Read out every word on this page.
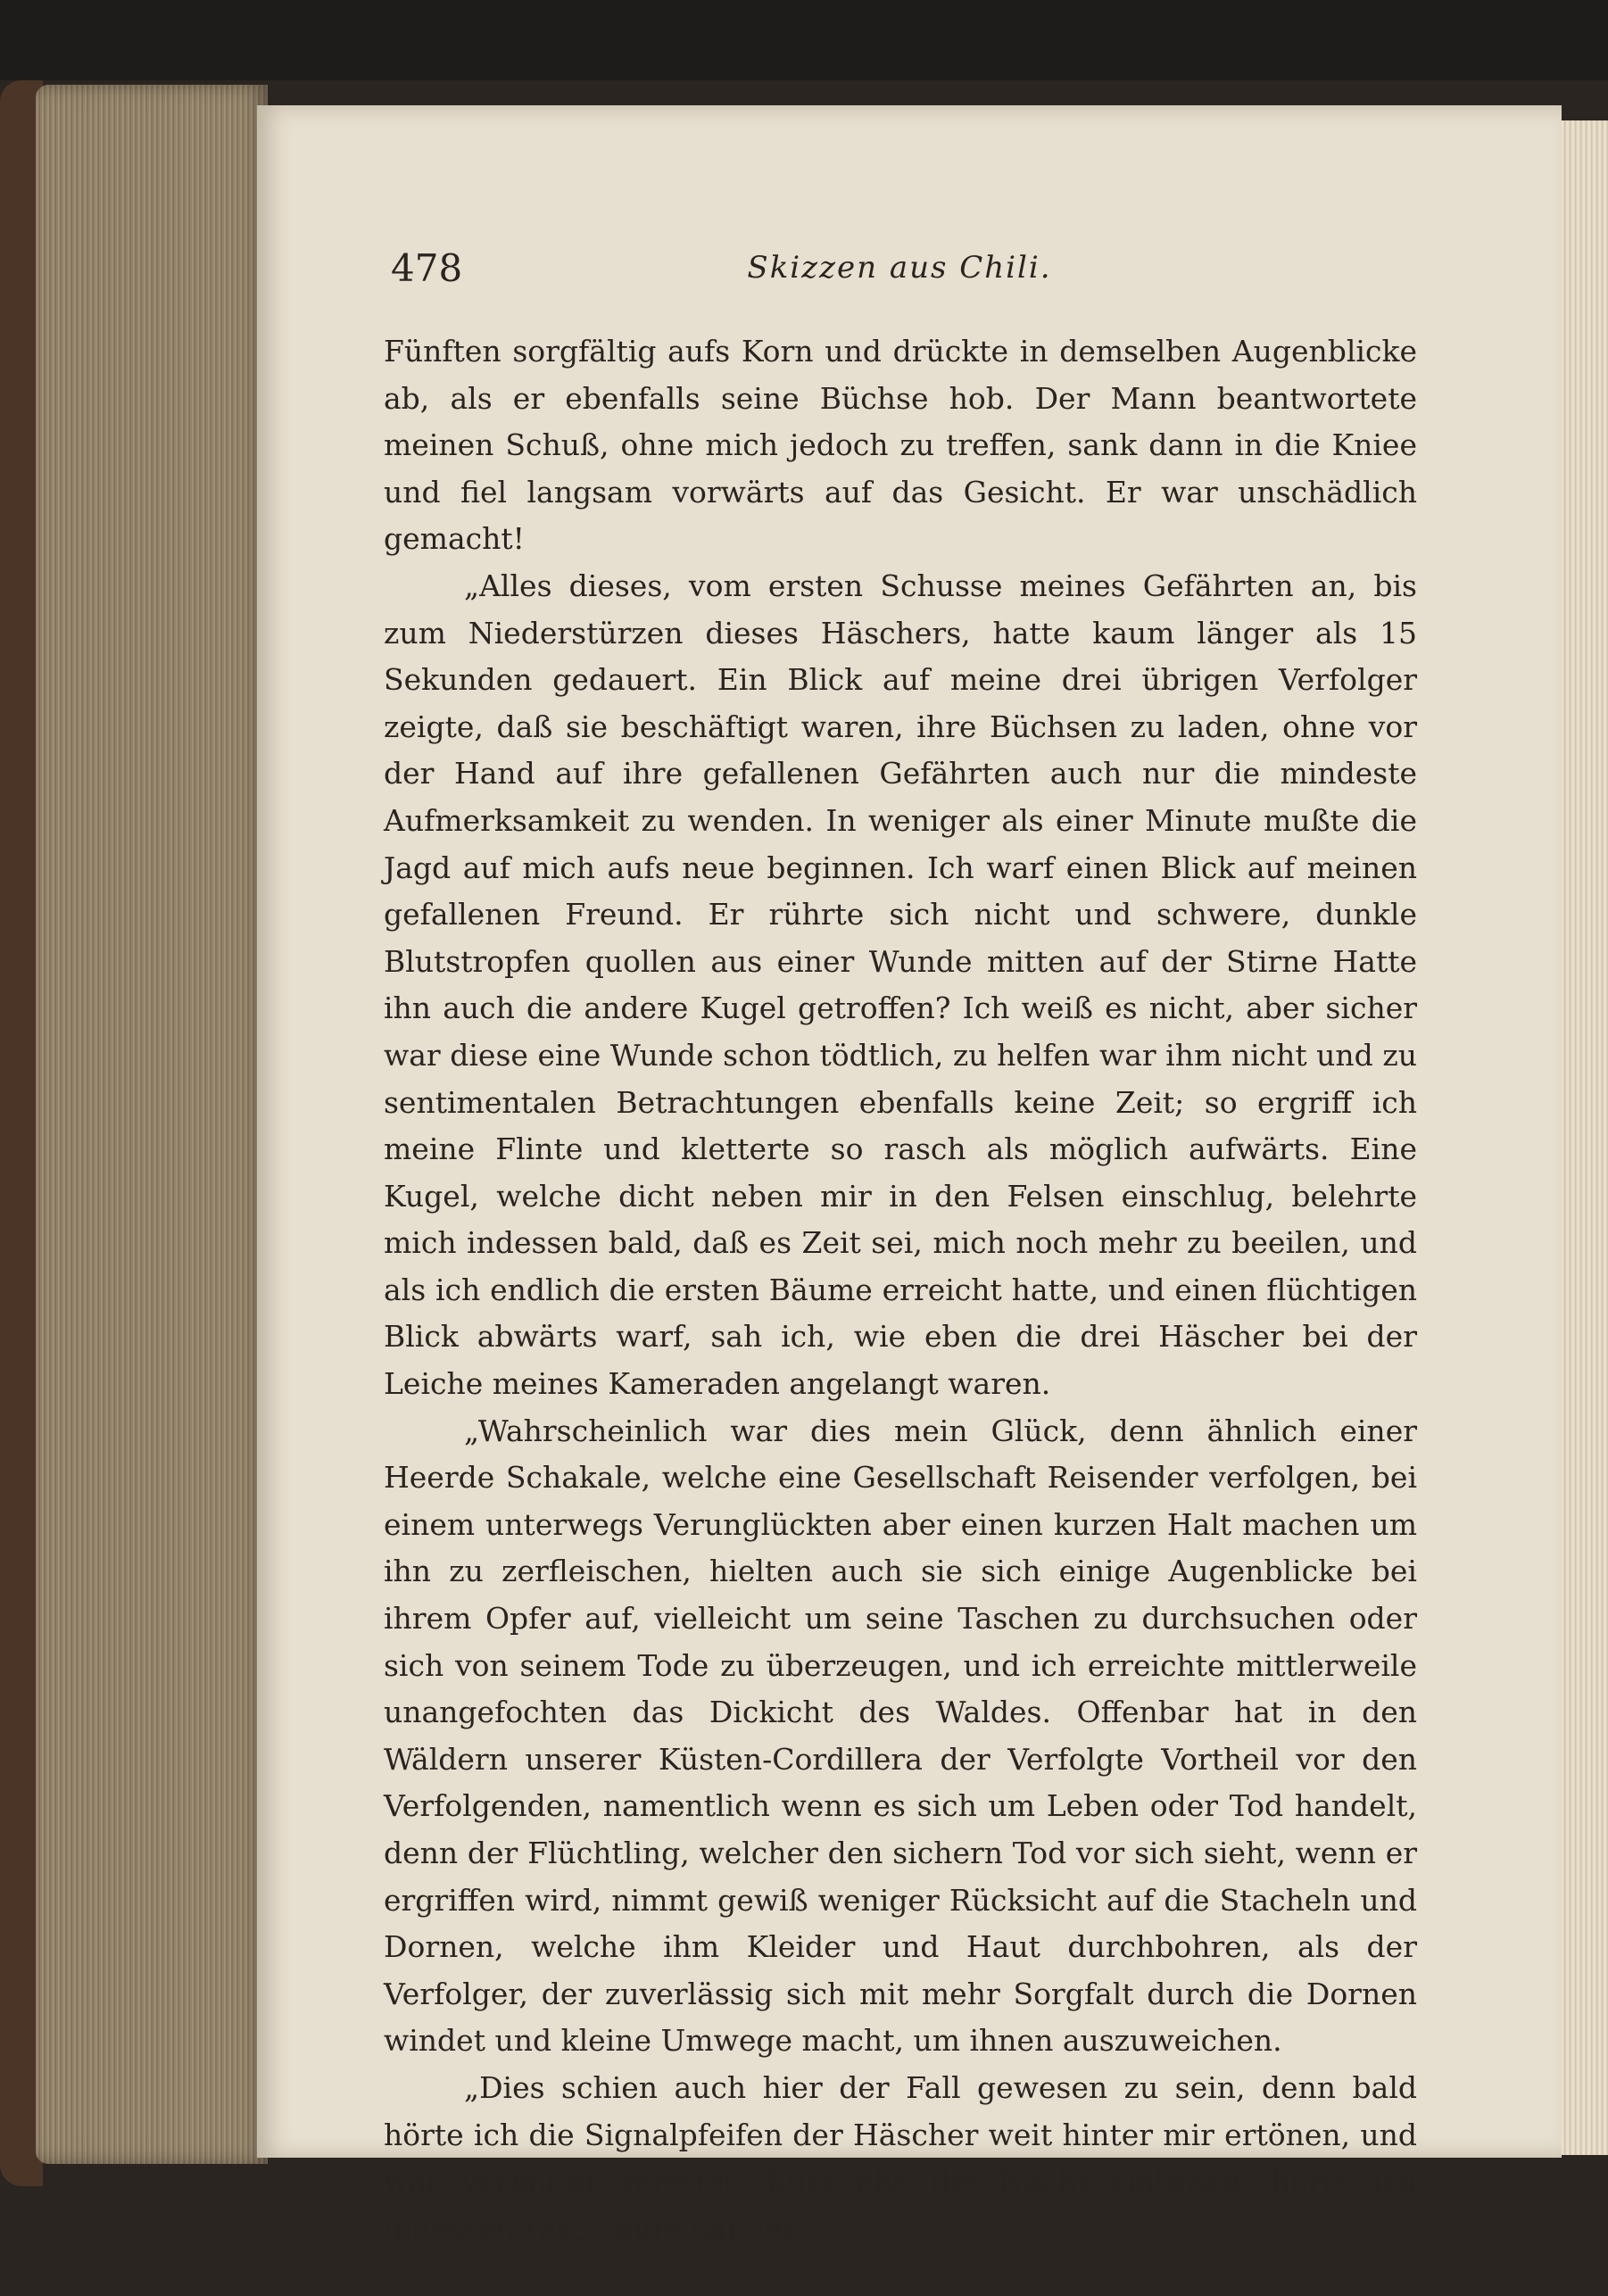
478	Skizzen aus Chili.

Fünften sorgfältig aufs Korn und drückte in demselben Augenblicke ab, als er ebenfalls seine Büchse hob. Der Mann beantwortete meinen Schuß, ohne mich jedoch zu treffen, sank dann in die Kniee und fiel langsam vorwärts auf das Gesicht. Er war unschädlich gemacht!

„Alles dieses, vom ersten Schusse meines Gefährten an, bis zum Niederstürzen dieses Häschers, hatte kaum länger als 15 Sekunden gedauert. Ein Blick auf meine drei übrigen Verfolger zeigte, daß sie beschäftigt waren, ihre Büchsen zu laden, ohne vor der Hand auf ihre gefallenen Gefährten auch nur die mindeste Aufmerksamkeit zu wenden. In weniger als einer Minute mußte die Jagd auf mich aufs neue beginnen. Ich warf einen Blick auf meinen gefallenen Freund. Er rührte sich nicht und schwere, dunkle Blutstropfen quollen aus einer Wunde mitten auf der Stirne Hatte ihn auch die andere Kugel getroffen? Ich weiß es nicht, aber sicher war diese eine Wunde schon tödtlich, zu helfen war ihm nicht und zu sentimentalen Betrachtungen ebenfalls keine Zeit; so ergriff ich meine Flinte und kletterte so rasch als möglich aufwärts. Eine Kugel, welche dicht neben mir in den Felsen einschlug, belehrte mich indessen bald, daß es Zeit sei, mich noch mehr zu beeilen, und als ich endlich die ersten Bäume erreicht hatte, und einen flüchtigen Blick abwärts warf, sah ich, wie eben die drei Häscher bei der Leiche meines Kameraden angelangt waren.

„Wahrscheinlich war dies mein Glück, denn ähnlich einer Heerde Schakale, welche eine Gesellschaft Reisender verfolgen, bei einem unterwegs Verunglückten aber einen kurzen Halt machen um ihn zu zerfleischen, hielten auch sie sich einige Augenblicke bei ihrem Opfer auf, vielleicht um seine Taschen zu durchsuchen oder sich von seinem Tode zu überzeugen, und ich erreichte mittlerweile unangefochten das Dickicht des Waldes. Offenbar hat in den Wäldern unserer Küsten-Cordillera der Verfolgte Vortheil vor den Verfolgenden, namentlich wenn es sich um Leben oder Tod handelt, denn der Flüchtling, welcher den sichern Tod vor sich sieht, wenn er ergriffen wird, nimmt gewiß weniger Rücksicht auf die Stacheln und Dornen, welche ihm Kleider und Haut durchbohren, als der Verfolger, der zuverlässig sich mit mehr Sorgfalt durch die Dornen windet und kleine Umwege macht, um ihnen auszuweichen.

„Dies schien auch hier der Fall gewesen zu sein, denn bald hörte ich die Signalpfeifen der Häscher weit hinter mir ertönen, und war vorläufig gerettet. Kurz ehe die Nacht einbrach, hörte ich indessen rasch aufeinander-
